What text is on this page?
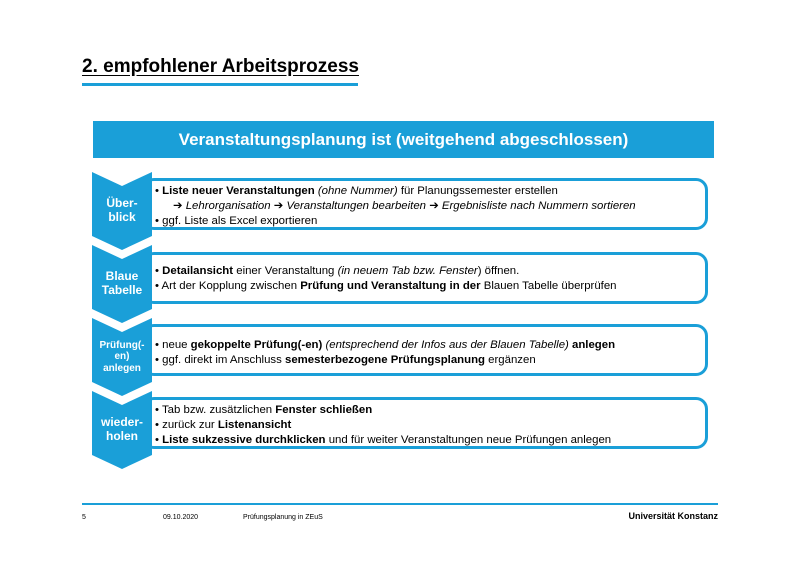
2. empfohlener Arbeitsprozess
Veranstaltungsplanung ist (weitgehend abgeschlossen)
• Liste neuer Veranstaltungen (ohne Nummer) für Planungssemester erstellen
➔ Lehrorganisation ➔ Veranstaltungen bearbeiten ➔ Ergebnisliste nach Nummern sortieren
• ggf. Liste als Excel exportieren
• Detailansicht einer Veranstaltung (in neuem Tab bzw. Fenster) öffnen.
• Art der Kopplung zwischen Prüfung und Veranstaltung in der Blauen Tabelle überprüfen
• neue gekoppelte Prüfung(-en) (entsprechend der Infos aus der Blauen Tabelle) anlegen
• ggf. direkt im Anschluss semesterbezogene Prüfungsplanung ergänzen
• Tab bzw. zusätzlichen Fenster schließen
• zurück zur Listenansicht
• Liste sukzessive durchklicken und für weiter Veranstaltungen neue Prüfungen anlegen
Über-
blick
Blaue
Tabelle
Prüfung(-
en)
anlegen
wieder-
holen
5	09.10.2020	Prüfungsplanung in ZEuS	Universität Konstanz
